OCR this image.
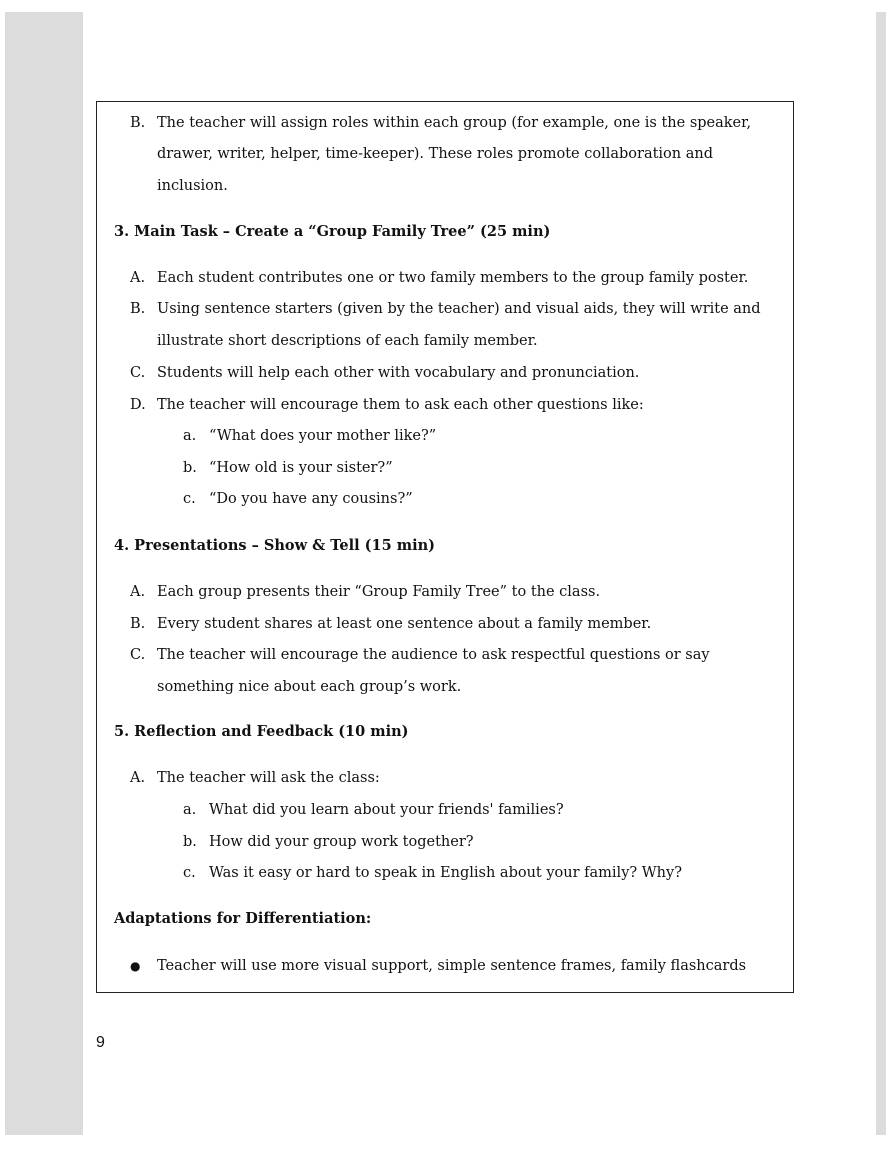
B. The teacher will assign roles within each group (for example, one is the speaker,
drawer, writer, helper, time-keeper). These roles promote collaboration and
inclusion.
3. Main Task – Create a “Group Family Tree” (25 min)
A. Each student contributes one or two family members to the group family poster.
B. Using sentence starters (given by the teacher) and visual aids, they will write and
illustrate short descriptions of each family member.
C. Students will help each other with vocabulary and pronunciation.
D. The teacher will encourage them to ask each other questions like:
a. “What does your mother like?”
b. “How old is your sister?”
c. “Do you have any cousins?”
4. Presentations – Show & Tell (15 min)
A. Each group presents their “Group Family Tree” to the class.
B. Every student shares at least one sentence about a family member.
C. The teacher will encourage the audience to ask respectful questions or say
something nice about each group’s work.
5. Reflection and Feedback (10 min)
A. The teacher will ask the class:
a. What did you learn about your friends' families?
b. How did your group work together?
c. Was it easy or hard to speak in English about your family? Why?
Adaptations for Differentiation:
● Teacher will use more visual support, simple sentence frames, family flashcards
9
